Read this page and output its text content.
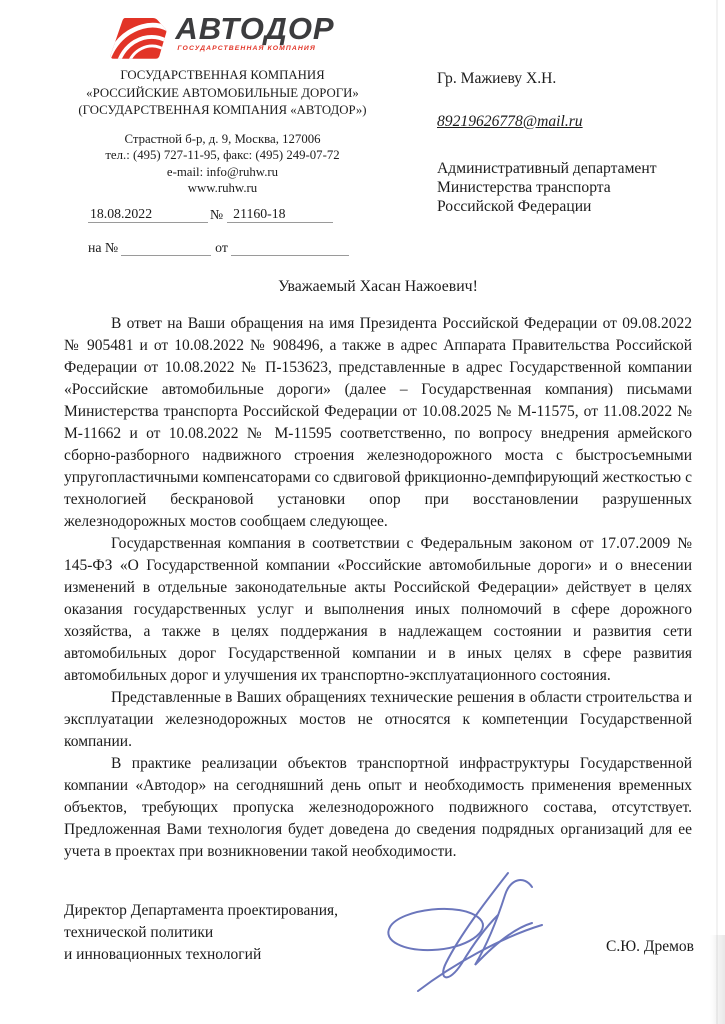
АВТОДОР
ГОСУДАРСТВЕННАЯ КОМПАНИЯ
ГОСУДАРСТВЕННАЯ КОМПАНИЯ
«РОССИЙСКИЕ АВТОМОБИЛЬНЫЕ ДОРОГИ»
(ГОСУДАРСТВЕННАЯ КОМПАНИЯ «АВТОДОР»)
Страстной б-р, д. 9, Москва, 127006
тел.: (495) 727-11-95, факс: (495) 249-07-72
e-mail: info@ruhw.ru
www.ruhw.ru

Гр. Мажиеву Х.Н.

89219626778@mail.ru

Административный департамент
Министерства транспорта
Российской Федерации

18.08.2022	№ 21160-18
на №	от

Уважаемый Хасан Нажоевич!

В ответ на Ваши обращения на имя Президента Российской Федерации от 09.08.2022 № 905481 и от 10.08.2022 № 908496, а также в адрес Аппарата Правительства Российской Федерации от 10.08.2022 № П-153623, представленные в адрес Государственной компании «Российские автомобильные дороги» (далее – Государственная компания) письмами Министерства транспорта Российской Федерации от 10.08.2025 № М-11575, от 11.08.2022 № М-11662 и от 10.08.2022 № М-11595 соответственно, по вопросу внедрения армейского сборно-разборного надвижного строения железнодорожного моста с быстросъемными упругопластичными компенсаторами со сдвиговой фрикционно-демпфирующий жесткостью с технологией бескрановой установки опор при восстановлении разрушенных железнодорожных мостов сообщаем следующее.

Государственная компания в соответствии с Федеральным законом от 17.07.2009 № 145-ФЗ «О Государственной компании «Российские автомобильные дороги» и о внесении изменений в отдельные законодательные акты Российской Федерации» действует в целях оказания государственных услуг и выполнения иных полномочий в сфере дорожного хозяйства, а также в целях поддержания в надлежащем состоянии и развития сети автомобильных дорог Государственной компании и в иных целях в сфере развития автомобильных дорог и улучшения их транспортно-эксплуатационного состояния.

Представленные в Ваших обращениях технические решения в области строительства и эксплуатации железнодорожных мостов не относятся к компетенции Государственной компании.

В практике реализации объектов транспортной инфраструктуры Государственной компании «Автодор» на сегодняшний день опыт и необходимость применения временных объектов, требующих пропуска железнодорожного подвижного состава, отсутствует. Предложенная Вами технология будет доведена до сведения подрядных организаций для ее учета в проектах при возникновении такой необходимости.

Директор Департамента проектирования,
технической политики
и инновационных технологий	С.Ю. Дремов
